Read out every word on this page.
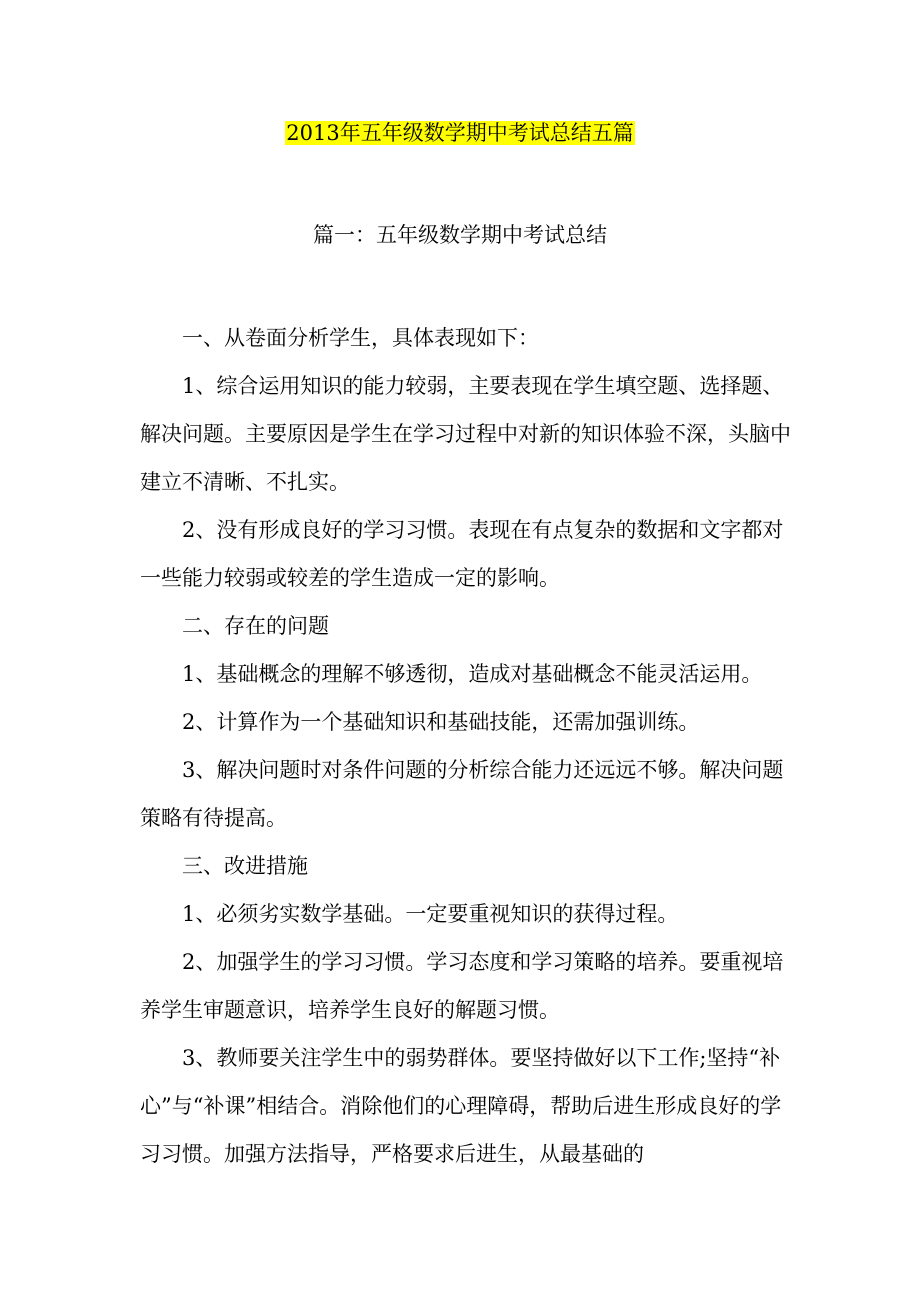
2013年五年级数学期中考试总结五篇
篇一：五年级数学期中考试总结

一、从卷面分析学生，具体表现如下：

1、综合运用知识的能力较弱，主要表现在学生填空题、选择题、解决问题。主要原因是学生在学习过程中对新的知识体验不深，头脑中建立不清晰、不扎实。

2、没有形成良好的学习习惯。表现在有点复杂的数据和文字都对一些能力较弱或较差的学生造成一定的影响。

二、存在的问题

1、基础概念的理解不够透彻，造成对基础概念不能灵活运用。

2、计算作为一个基础知识和基础技能，还需加强训练。

3、解决问题时对条件问题的分析综合能力还远远不够。解决问题策略有待提高。

三、改进措施

1、必须劣实数学基础。一定要重视知识的获得过程。

2、加强学生的学习习惯。学习态度和学习策略的培养。要重视培养学生审题意识，培养学生良好的解题习惯。

3、教师要关注学生中的弱势群体。要坚持做好以下工作;坚持“补心”与“补课”相结合。消除他们的心理障碍，帮助后进生形成良好的学习习惯。加强方法指导，严格要求后进生，从最基础的
